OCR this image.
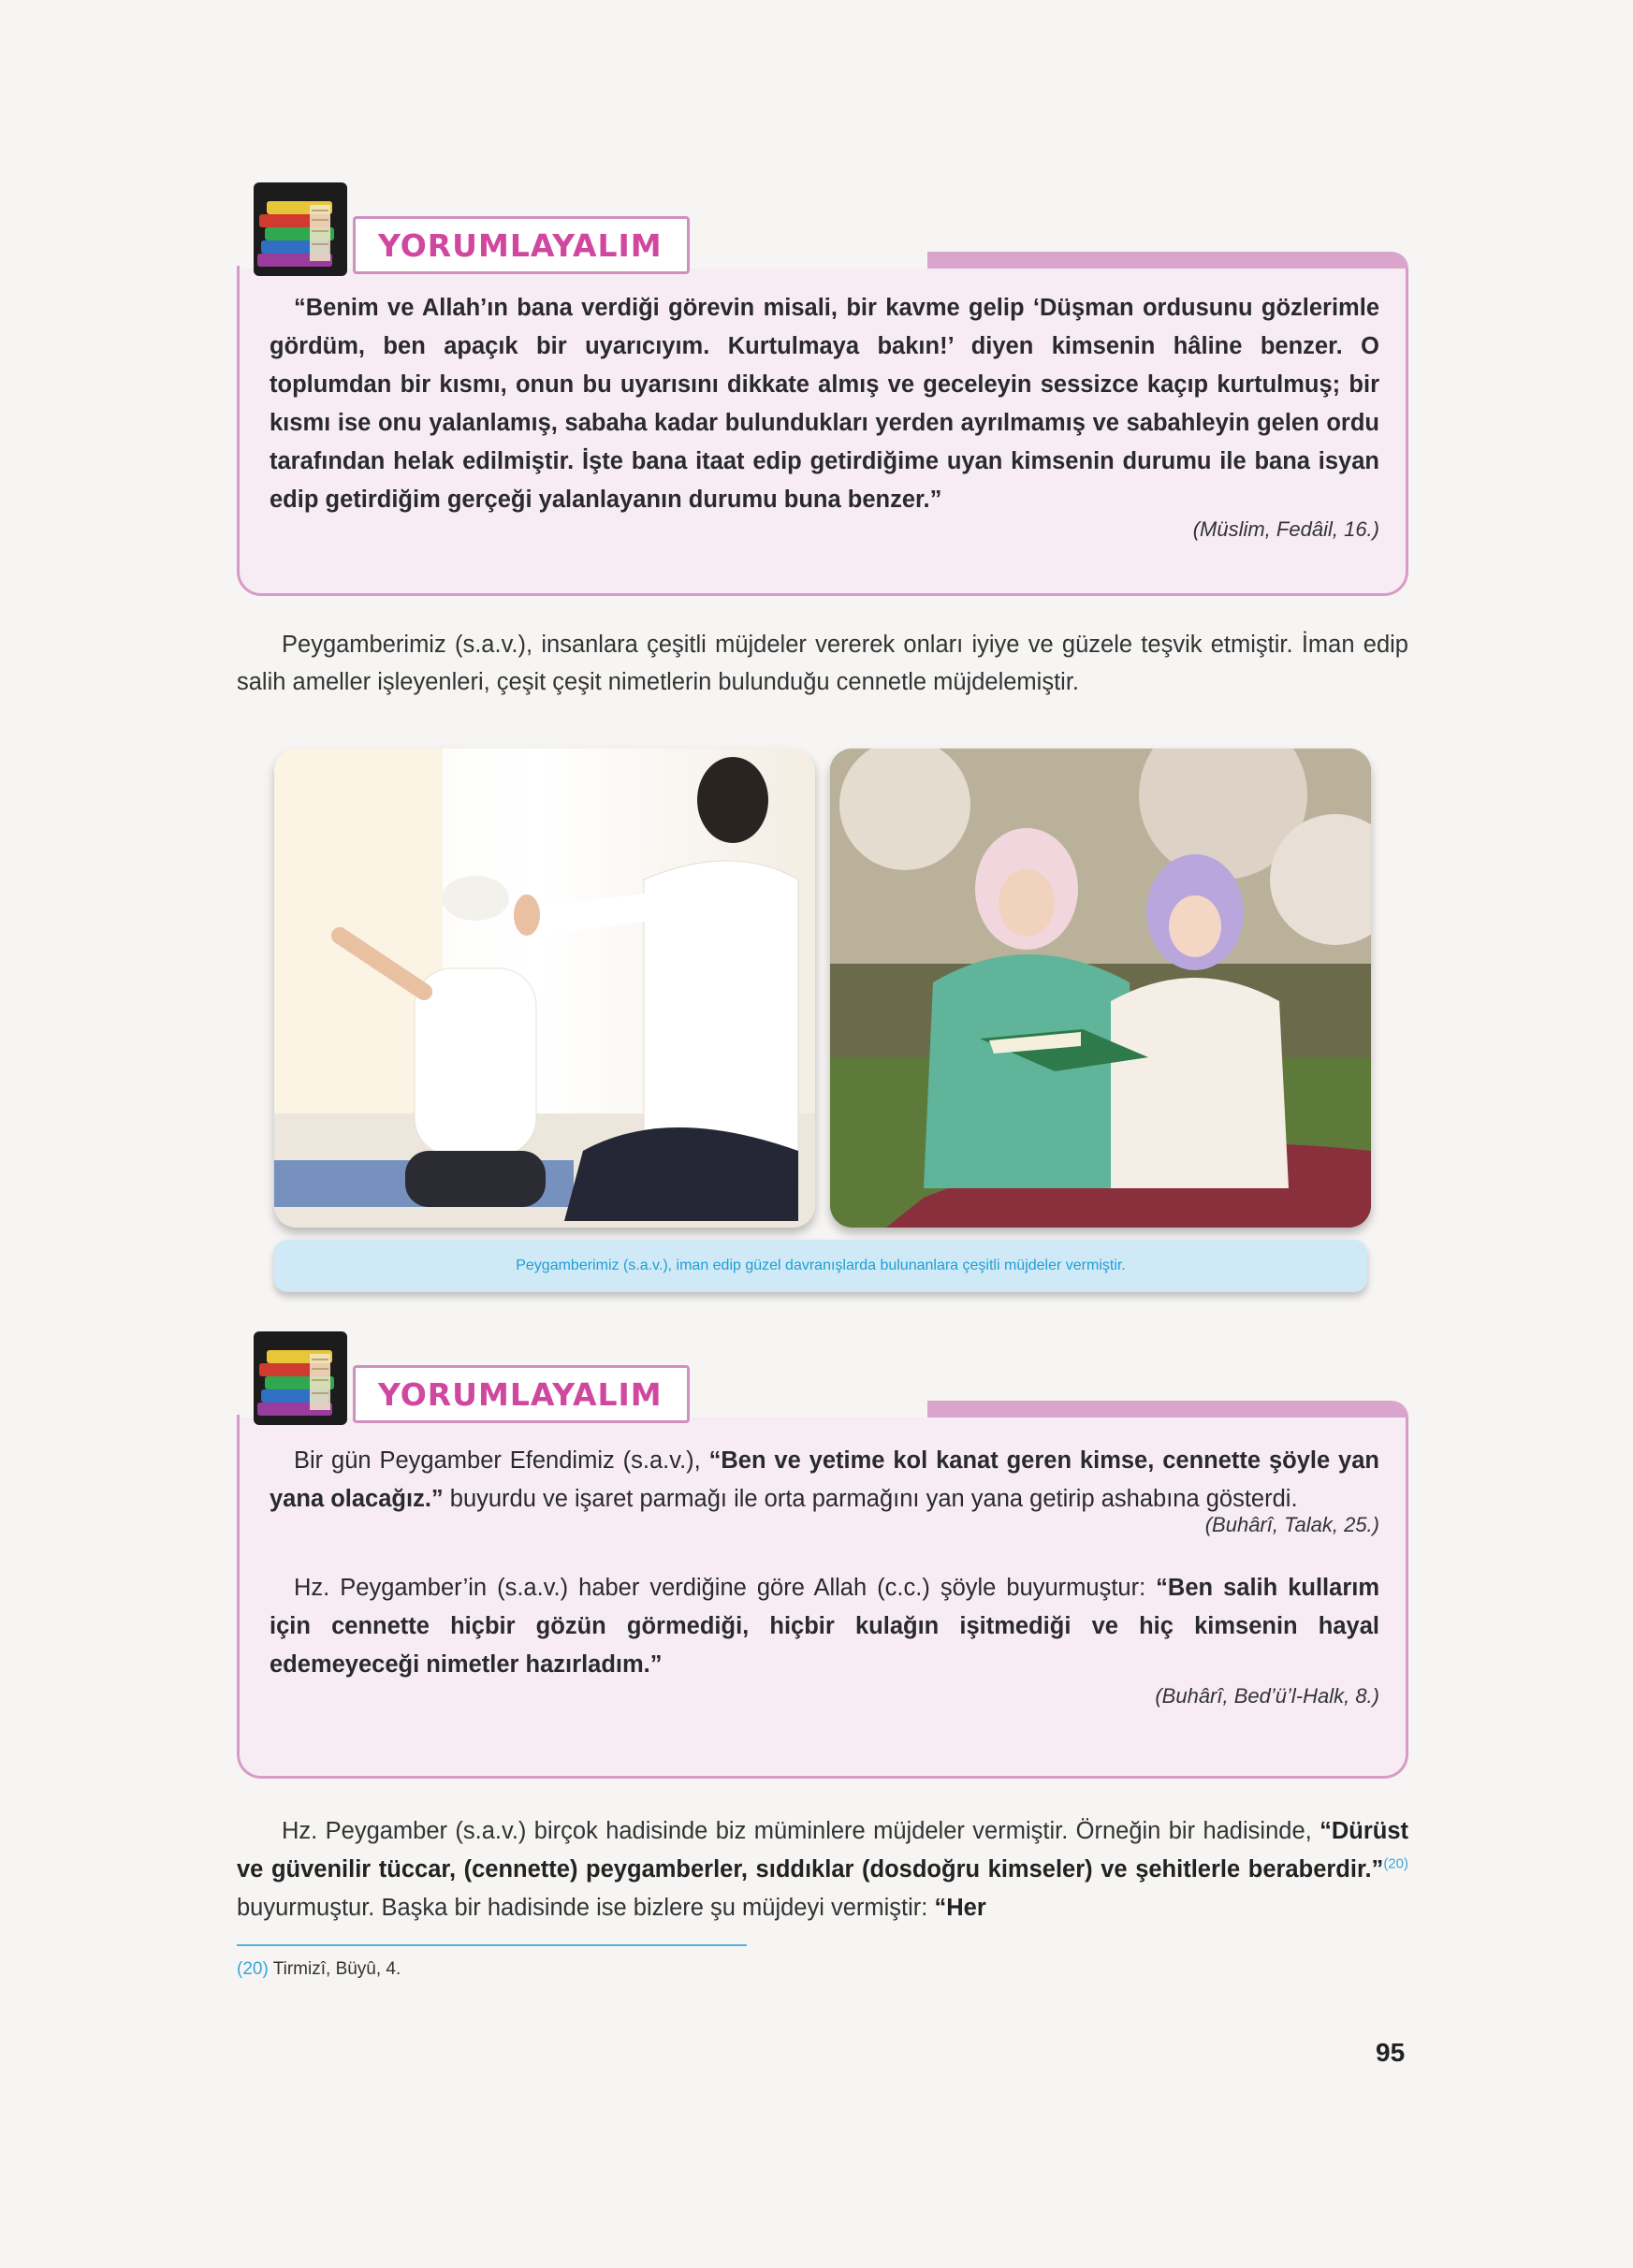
YORUMLAYALIM

“Benim ve Allah’ın bana verdiği görevin misali, bir kavme gelip ‘Düşman ordusunu gözlerimle gördüm, ben apaçık bir uyarıcıyım. Kurtulmaya bakın!’ diyen kimsenin hâline benzer. O toplumdan bir kısmı, onun bu uyarısını dikkate almış ve geceleyin sessizce kaçıp kurtulmuş; bir kısmı ise onu yalanlamış, sabaha kadar bulundukları yerden ayrılmamış ve sabahleyin gelen ordu tarafından helak edilmiştir. İşte bana itaat edip getirdiğime uyan kimsenin durumu ile bana isyan edip getirdiğim gerçeği yalanlayanın durumu buna benzer.”

(Müslim, Fedâil, 16.)

Peygamberimiz (s.a.v.), insanlara çeşitli müjdeler vererek onları iyiye ve güzele teşvik etmiştir. İman edip salih ameller işleyenleri, çeşit çeşit nimetlerin bulunduğu cennetle müjdelemiştir.

Peygamberimiz (s.a.v.), iman edip güzel davranışlarda bulunanlara çeşitli müjdeler vermiştir.
YORUMLAYALIM

Bir gün Peygamber Efendimiz (s.a.v.), “Ben ve yetime kol kanat geren kimse, cennette şöyle yan yana olacağız.” buyurdu ve işaret parmağı ile orta parmağını yan yana getirip ashabına gösterdi.

(Buhârî, Talak, 25.)

Hz. Peygamber’in (s.a.v.) haber verdiğine göre Allah (c.c.) şöyle buyurmuştur: “Ben salih kullarım için cennette hiçbir gözün görmediği, hiçbir kulağın işitmediği ve hiç kimsenin hayal edemeyeceği nimetler hazırladım.”

(Buhârî, Bed’ü’l-Halk, 8.)

Hz. Peygamber (s.a.v.) birçok hadisinde biz müminlere müjdeler vermiştir. Örneğin bir hadisinde, “Dürüst ve güvenilir tüccar, (cennette) peygamberler, sıddıklar (dosdoğru kimseler) ve şehitlerle beraberdir.”$^{(20)}$ buyurmuştur. Başka bir hadisinde ise bizlere şu müjdeyi vermiştir: “Her

(20) Tirmizî, Büyû, 4.
95
